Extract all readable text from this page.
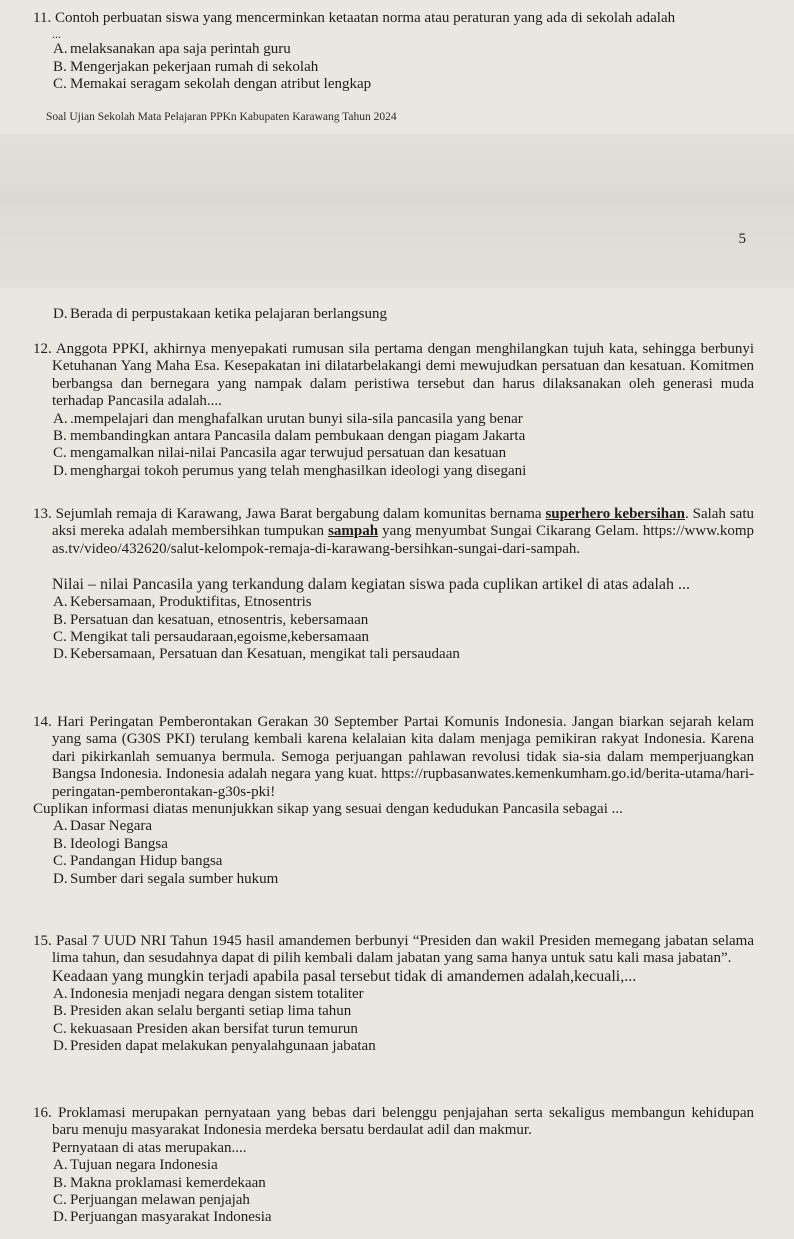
11. Contoh perbuatan siswa yang mencerminkan ketaatan norma atau peraturan yang ada di sekolah adalah

...

A. melaksanakan apa saja perintah guru

B. Mengerjakan pekerjaan rumah di sekolah

C. Memakai seragam sekolah dengan atribut lengkap

Soal Ujian Sekolah Mata Pelajaran PPKn Kabupaten Karawang Tahun 2024
5

D. Berada di perpustakaan ketika pelajaran berlangsung

12. Anggota PPKI, akhirnya menyepakati rumusan sila pertama dengan menghilangkan tujuh kata, sehingga berbunyi Ketuhanan Yang Maha Esa. Kesepakatan ini dilatarbelakangi demi mewujudkan persatuan dan kesatuan. Komitmen berbangsa dan bernegara yang nampak dalam peristiwa tersebut dan harus dilaksanakan oleh generasi muda terhadap Pancasila adalah....

A. .mempelajari dan menghafalkan urutan bunyi sila-sila pancasila yang benar

B. membandingkan antara Pancasila dalam pembukaan dengan piagam Jakarta

C. mengamalkan nilai-nilai Pancasila agar terwujud persatuan dan kesatuan

D. menghargai tokoh perumus yang telah menghasilkan ideologi yang disegani

13. Sejumlah remaja di Karawang, Jawa Barat bergabung dalam komunitas bernama superhero kebersihan. Salah satu aksi mereka adalah membersihkan tumpukan sampah yang menyumbat Sungai Cikarang Gelam. https://www.kompas.tv/video/432620/salut-kelompok-remaja-di-karawang-bersihkan-sungai-dari-sampah.

Nilai – nilai Pancasila yang terkandung dalam kegiatan siswa pada cuplikan artikel di atas adalah ...

A. Kebersamaan, Produktifitas, Etnosentris

B. Persatuan dan kesatuan, etnosentris, kebersamaan

C. Mengikat tali persaudaraan,egoisme,kebersamaan

D. Kebersamaan, Persatuan dan Kesatuan, mengikat tali persaudaan

14. Hari Peringatan Pemberontakan Gerakan 30 September Partai Komunis Indonesia. Jangan biarkan sejarah kelam yang sama (G30S PKI) terulang kembali karena kelalaian kita dalam menjaga pemikiran rakyat Indonesia. Karena dari pikirkanlah semuanya bermula. Semoga perjuangan pahlawan revolusi tidak sia-sia dalam memperjuangkan Bangsa Indonesia. Indonesia adalah negara yang kuat. https://rupbasanwates.kemenkumham.go.id/berita-utama/hari-peringatan-pemberontakan-g30s-pki!

Cuplikan informasi diatas menunjukkan sikap yang sesuai dengan kedudukan Pancasila sebagai ...

A. Dasar Negara

B. Ideologi Bangsa

C. Pandangan Hidup bangsa

D. Sumber dari segala sumber hukum

15. Pasal 7 UUD NRI Tahun 1945 hasil amandemen berbunyi “Presiden dan wakil Presiden memegang jabatan selama lima tahun, dan sesudahnya dapat di pilih kembali dalam jabatan yang sama hanya untuk satu kali masa jabatan”.

Keadaan yang mungkin terjadi apabila pasal tersebut tidak di amandemen adalah,kecuali,...

A. Indonesia menjadi negara dengan sistem totaliter

B. Presiden akan selalu berganti setiap lima tahun

C. kekuasaan Presiden akan bersifat turun temurun

D. Presiden dapat melakukan penyalahgunaan jabatan

16. Proklamasi merupakan pernyataan yang bebas dari belenggu penjajahan serta sekaligus membangun kehidupan baru menuju masyarakat Indonesia merdeka bersatu berdaulat adil dan makmur.

Pernyataan di atas merupakan....

A. Tujuan negara Indonesia

B. Makna proklamasi kemerdekaan

C. Perjuangan melawan penjajah

D. Perjuangan masyarakat Indonesia
